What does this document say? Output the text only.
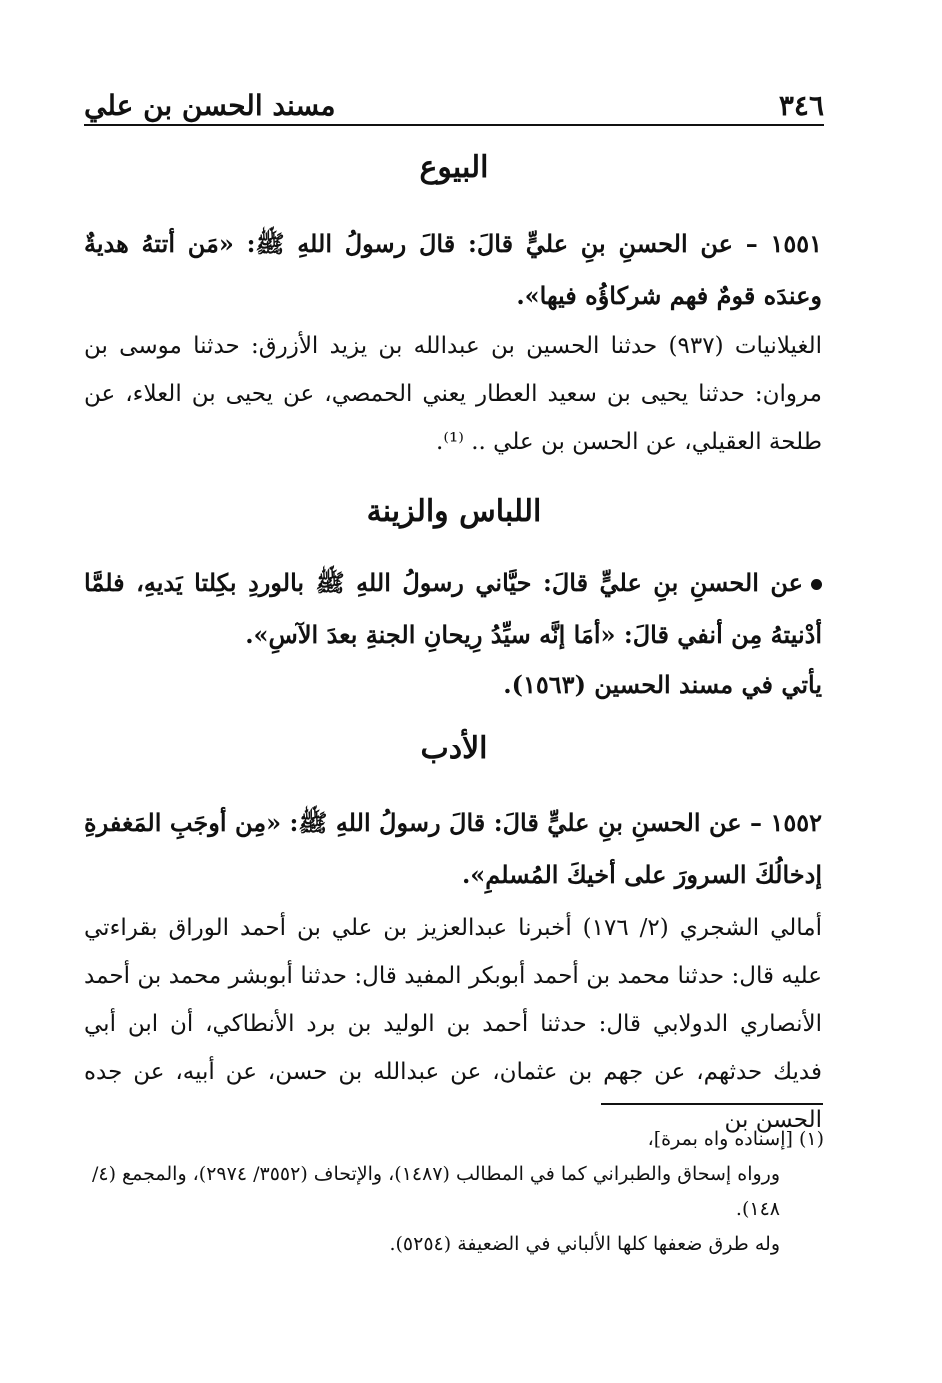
٣٤٦
مسند الحسن بن علي
البيوع
١٥٥١ – عن الحسنِ بنِ عليٍّ قالَ: قالَ رسولُ اللهِ ﷺ: «مَن أتتهُ هديةٌ وعندَه قومٌ فهم شركاؤُه فيها».
الغيلانيات (٩٣٧) حدثنا الحسين بن عبدالله بن يزيد الأزرق: حدثنا موسى بن مروان: حدثنا يحيى بن سعيد العطار يعني الحمصي، عن يحيى بن العلاء، عن طلحة العقيلي، عن الحسن بن علي .. ⁽¹⁾.
اللباس والزينة
عن الحسنِ بنِ عليٍّ قالَ: حيَّاني رسولُ اللهِ ﷺ بالوردِ بكِلتا يَديهِ، فلمَّا أدْنيتهُ مِن أنفي قالَ: «أمَا إنَّه سيِّدُ رِيحانِ الجنةِ بعدَ الآسِ».
يأتي في مسند الحسين (١٥٦٣).
الأدب
١٥٥٢ – عن الحسنِ بنِ عليٍّ قالَ: قالَ رسولُ اللهِ ﷺ: «مِن أوجَبِ المَغفرةِ إدخالُكَ السرورَ على أخيكَ المُسلمِ».
أمالي الشجري (٢/ ١٧٦) أخبرنا عبدالعزيز بن علي بن أحمد الوراق بقراءتي عليه قال: حدثنا محمد بن أحمد أبوبكر المفيد قال: حدثنا أبوبشر محمد بن أحمد الأنصاري الدولابي قال: حدثنا أحمد بن الوليد بن برد الأنطاكي، أن ابن أبي فديك حدثهم، عن جهم بن عثمان، عن عبدالله بن حسن، عن أبيه، عن جده الحسن بن

(١) [إسناده واه بمرة]،

ورواه إسحاق والطبراني كما في المطالب (١٤٨٧)، والإتحاف (٣٥٥٢/ ٢٩٧٤)، والمجمع (٤/ ١٤٨).

وله طرق ضعفها كلها الألباني في الضعيفة (٥٢٥٤).
